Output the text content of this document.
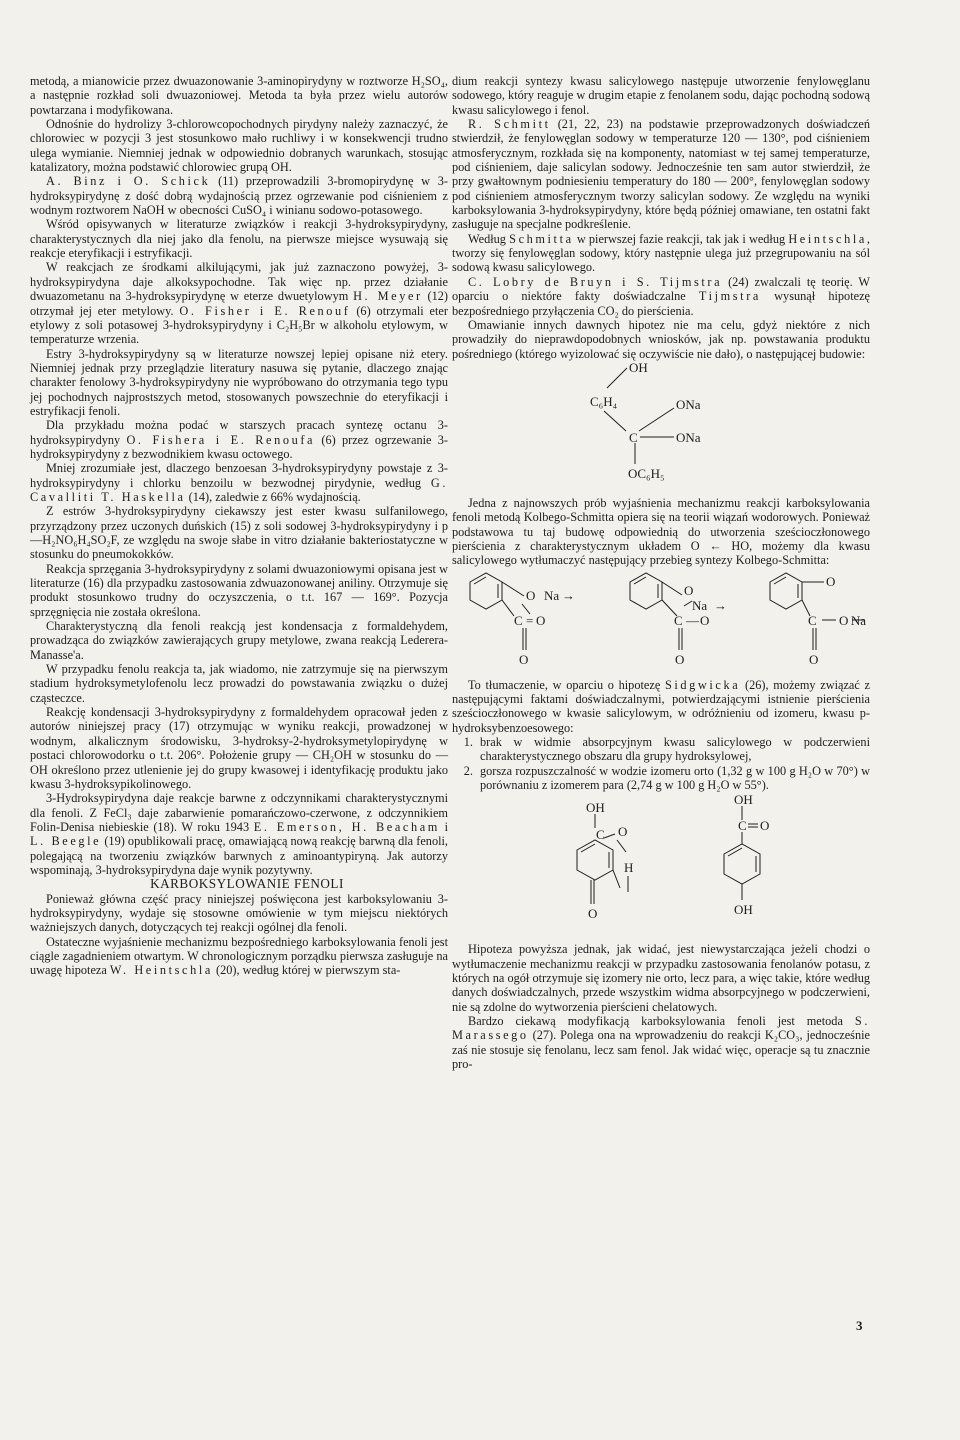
metodą, a mianowicie przez dwuazonowanie 3-aminopirydyny w roztworze H₂SO₄, a następnie rozkład soli dwuazoniowej. Metoda ta była przez wielu autorów powtarzana i modyfikowana.

Odnośnie do hydrolizy 3-chlorowcopochodnych pirydyny należy zaznaczyć, że chlorowiec w pozycji 3 jest stosunkowo mało ruchliwy i w konsekwencji trudno ulega wymianie. Niemniej jednak w odpowiednio dobranych warunkach, stosując katalizatory, można podstawić chlorowiec grupą OH.

A. Binz i O. Schick (11) przeprowadzili 3-bromopirydynę w 3-hydroksypirydynę z dość dobrą wydajnością przez ogrzewanie pod ciśnieniem z wodnym roztworem NaOH w obecności CuSO₄ i winianu sodowo-potasowego.

Wśród opisywanych w literaturze związków i reakcji 3-hydroksypirydyny, charakterystycznych dla niej jako dla fenolu, na pierwsze miejsce wysuwają się reakcje eteryfikacji i estryfikacji.

W reakcjach ze środkami alkilującymi, jak już zaznaczono powyżej, 3-hydroksypirydyna daje alkoksypochodne. Tak więc np. przez działanie dwuazometanu na 3-hydroksypirydynę w eterze dwuetylowym H. Meyer (12) otrzymał jej eter metylowy. O. Fisher i E. Renouf (6) otrzymali eter etylowy z soli potasowej 3-hydroksypirydyny i C₂H₅Br w alkoholu etylowym, w temperaturze wrzenia.

Estry 3-hydroksypirydyny są w literaturze nowszej lepiej opisane niż etery. Niemniej jednak przy przeglądzie literatury nasuwa się pytanie, dlaczego znając charakter fenolowy 3-hydroksypirydyny nie wypróbowano do otrzymania tego typu jej pochodnych najprostszych metod, stosowanych powszechnie do eteryfikacji i estryfikacji fenoli.

Dla przykładu można podać w starszych pracach syntezę octanu 3-hydroksypirydyny O. Fishera i E. Renoufa (6) przez ogrzewanie 3-hydroksypirydyny z bezwodnikiem kwasu octowego.

Mniej zrozumiałe jest, dlaczego benzoesan 3-hydroksypirydyny powstaje z 3-hydroksypirydyny i chlorku benzoilu w bezwodnej pirydynie, według G. Cavalliti T. Haskella (14), zaledwie z 66% wydajnością.

Z estrów 3-hydroksypirydyny ciekawszy jest ester kwasu sulfanilowego, przyrządzony przez uczonych duńskich (15) z soli sodowej 3-hydroksypirydyny i p—H₂NO₆H₄SO₂F, ze względu na swoje słabe in vitro działanie bakteriostatyczne w stosunku do pneumokokków.

Reakcja sprzęgania 3-hydroksypirydyny z solami dwuazoniowymi opisana jest w literaturze (16) dla przypadku zastosowania zdwuazonowanej aniliny. Otrzymuje się produkt stosunkowo trudny do oczyszczenia, o t.t. 167 — 169°. Pozycja sprzęgnięcia nie została określona.

Charakterystyczną dla fenoli reakcją jest kondensacja z formaldehydem, prowadząca do związków zawierających grupy metylowe, zwana reakcją Lederera-Manasse'a.

W przypadku fenolu reakcja ta, jak wiadomo, nie zatrzymuje się na pierwszym stadium hydroksymetylofenolu lecz prowadzi do powstawania związku o dużej cząsteczce.

Reakcję kondensacji 3-hydroksypirydyny z formaldehydem opracował jeden z autorów niniejszej pracy (17) otrzymując w wyniku reakcji, prowadzonej w wodnym, alkalicznym środowisku, 3-hydroksy-2-hydroksymetylopirydynę w postaci chlorowodorku o t.t. 206°. Położenie grupy — CH₂OH w stosunku do — OH określono przez utlenienie jej do grupy kwasowej i identyfikację produktu jako kwasu 3-hydroksypikolinowego.

3-Hydroksypirydyna daje reakcje barwne z odczynnikami charakterystycznymi dla fenoli. Z FeCl₃ daje zabarwienie pomarańczowo-czerwone, z odczynnikiem Folin-Denisa niebieskie (18). W roku 1943 E. Emerson, H. Beacham i L. Beegle (19) opublikowali pracę, omawiającą nową reakcję barwną dla fenoli, polegającą na tworzeniu związków barwnych z aminoantypiryną. Jak autorzy wspominają, 3-hydroksypirydyna daje wynik pozytywny.

KARBOKSYLOWANIE FENOLI

Ponieważ główna część pracy niniejszej poświęcona jest karboksylowaniu 3-hydroksypirydyny, wydaje się stosowne omówienie w tym miejscu niektórych ważniejszych danych, dotyczących tej reakcji ogólnej dla fenoli.

Ostateczne wyjaśnienie mechanizmu bezpośredniego karboksylowania fenoli jest ciągle zagadnieniem otwartym. W chronologicznym porządku pierwsza zasługuje na uwagę hipoteza W. Heintschla (20), według której w pierwszym sta-

dium reakcji syntezy kwasu salicylowego następuje utworzenie fenylowęglanu sodowego, który reaguje w drugim etapie z fenolanem sodu, dając pochodną sodową kwasu salicylowego i fenol.

R. Schmitt (21, 22, 23) na podstawie przeprowadzonych doświadczeń stwierdził, że fenylowęglan sodowy w temperaturze 120 — 130°, pod ciśnieniem atmosferycznym, rozkłada się na komponenty, natomiast w tej samej temperaturze, pod ciśnieniem, daje salicylan sodowy. Jednocześnie ten sam autor stwierdził, że przy gwałtownym podniesieniu temperatury do 180 — 200°, fenylowęglan sodowy pod ciśnieniem atmosferycznym tworzy salicylan sodowy. Ze względu na wyniki karboksylowania 3-hydroksypirydyny, które będą później omawiane, ten ostatni fakt zasługuje na specjalne podkreślenie.

Według Schmitta w pierwszej fazie reakcji, tak jak i według Heintschla, tworzy się fenylowęglan sodowy, który następnie ulega już przegrupowaniu na sól sodową kwasu salicylowego.

C. Lobry de Bruyn i S. Tijmstra (24) zwalczali tę teorię. W oparciu o niektóre fakty doświadczalne Tijmstra wysunął hipotezę bezpośredniego przyłączenia CO₂ do pierścienia.

Omawianie innych dawnych hipotez nie ma celu, gdyż niektóre z nich prowadziły do nieprawdopodobnych wniosków, jak np. powstawania produktu pośredniego (którego wyizolować się oczywiście nie dało), o następującej budowie:

OH
C₆H₄	ONa
C	ONa
OC₆H₅

Jedna z najnowszych prób wyjaśnienia mechanizmu reakcji karboksylowania fenoli metodą Kolbego-Schmitta opiera się na teorii wiązań wodorowych. Ponieważ podstawowa tu taj budowę odpowiednią do utworzenia sześcioczłonowego pierścienia z charakterystycznym układem O ← HO, możemy dla kwasu salicylowego wytłumaczyć następujący przebieg syntezy Kolbego-Schmitta:

O Na →
C = O
O
O
Na →
C — O
O
O
C O Na
O

To tłumaczenie, w oparciu o hipotezę Sidgwicka (26), możemy związać z następującymi faktami doświadczalnymi, potwierdzającymi istnienie pierścienia sześcioczłonowego w kwasie salicylowym, w odróżnieniu od izomeru, kwasu p-hydroksybenzoesowego:

1. brak w widmie absorpcyjnym kwasu salicylowego w podczerwieni charakterystycznego obszaru dla grupy hydroksylowej,
2. gorsza rozpuszczalność w wodzie izomeru orto (1,32 g w 100 g H₂O w 70°) w porównaniu z izomerem para (2,74 g w 100 g H₂O w 55°).
OH
C O
H
O
OH
C O
OH

Hipoteza powyższa jednak, jak widać, jest niewystarczająca jeżeli chodzi o wytłumaczenie mechanizmu reakcji w przypadku zastosowania fenolanów potasu, z których na ogół otrzymuje się izomery nie orto, lecz para, a więc takie, które według danych doświadczalnych, przede wszystkim widma absorpcyjnego w podczerwieni, nie są zdolne do wytworzenia pierścieni chelatowych.

Bardzo ciekawą modyfikacją karboksylowania fenoli jest metoda S. Marassego (27). Polega ona na wprowadzeniu do reakcji K₂CO₃, jednocześnie zaś nie stosuje się fenolanu, lecz sam fenol. Jak widać więc, operacje są tu znacznie pro-

3
